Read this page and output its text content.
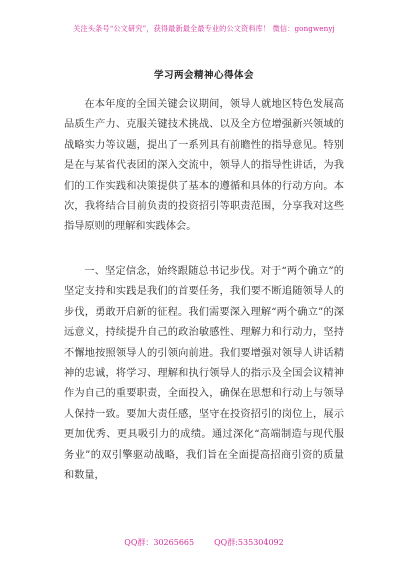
关注头条号“公文研究”，获得最新最全最专业的公文资料库！ 微信：gongwenyj
学习两会精神心得体会

在本年度的全国关键会议期间，领导人就地区特色发展高品质生产力、克服关键技术挑战、以及全方位增强新兴领域的战略实力等议题，提出了一系列具有前瞻性的指导意见。特别是在与某省代表团的深入交流中，领导人的指导性讲话，为我们的工作实践和决策提供了基本的遵循和具体的行动方向。本次，我将结合目前负责的投资招引等职责范围，分享我对这些指导原则的理解和实践体会。

一、坚定信念，始终跟随总书记步伐。对于“两个确立”的坚定支持和实践是我们的首要任务，我们要不断追随领导人的步伐，勇敢开启新的征程。我们需要深入理解“两个确立”的深远意义，持续提升自己的政治敏感性、理解力和行动力，坚持不懈地按照领导人的引领向前进。我们要增强对领导人讲话精神的忠诚，将学习、理解和执行领导人的指示及全国会议精神作为自己的重要职责，全面投入，确保在思想和行动上与领导人保持一致。要加大责任感，坚守在投资招引的岗位上，展示更加优秀、更具吸引力的成绩。通过深化“高端制造与现代服务业”的双引擎驱动战略，我们旨在全面提高招商引资的质量和数量，

QQ群：30265665	QQ群:535304092
